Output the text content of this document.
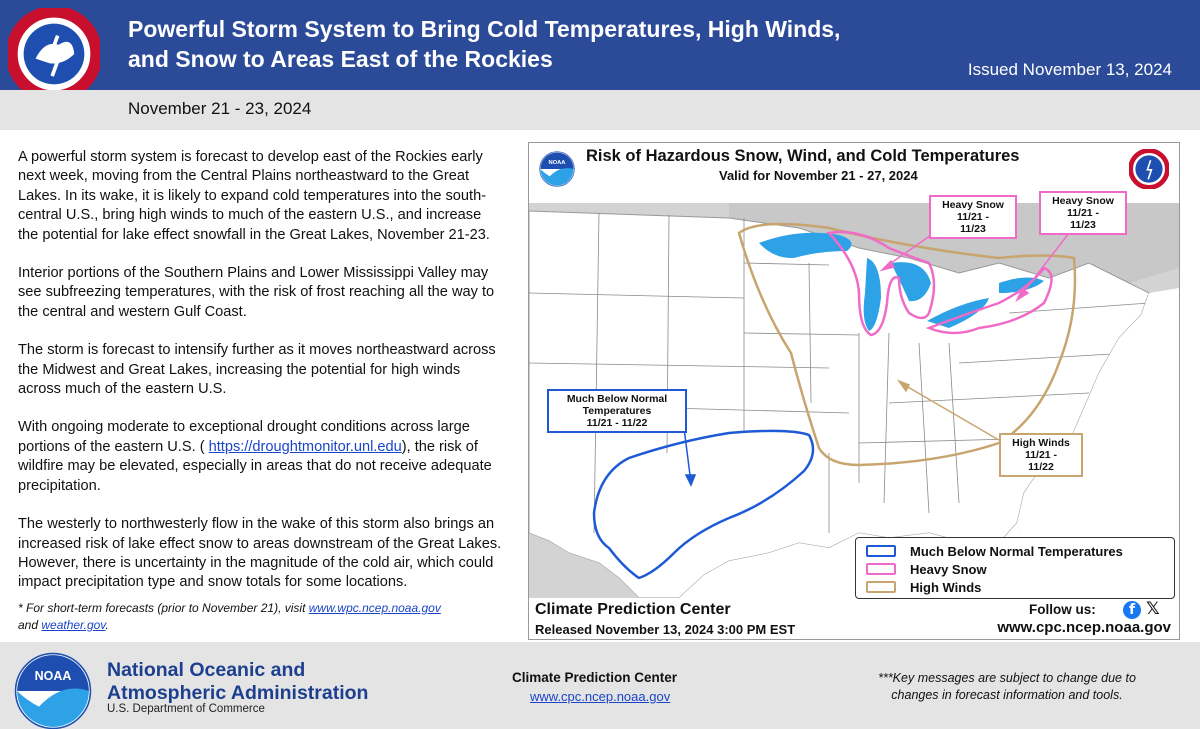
Powerful Storm System to Bring Cold Temperatures, High Winds,
and Snow to Areas East of the Rockies	Issued November 13, 2024
November 21 - 23, 2024

A powerful storm system is forecast to develop east of the Rockies early next week, moving from the Central Plains northeastward to the Great Lakes. In its wake, it is likely to expand cold temperatures into the south-central U.S., bring high winds to much of the eastern U.S., and increase the potential for lake effect snowfall in the Great Lakes, November 21-23.

Interior portions of the Southern Plains and Lower Mississippi Valley may see subfreezing temperatures, with the risk of frost reaching all the way to the central and western Gulf Coast.

The storm is forecast to intensify further as it moves northeastward across the Midwest and Great Lakes, increasing the potential for high winds across much of the eastern U.S.

With ongoing moderate to exceptional drought conditions across large portions of the eastern U.S. ( https://droughtmonitor.unl.edu), the risk of wildfire may be elevated, especially in areas that do not receive adequate precipitation.

The westerly to northwesterly flow in the wake of this storm also brings an increased risk of lake effect snow to areas downstream of the Great Lakes. However, there is uncertainty in the magnitude of the cold air, which could impact precipitation type and snow totals for some locations.

* For short-term forecasts (prior to November 21), visit www.wpc.ncep.noaa.gov
and weather.gov.
NOAA Risk of Hazardous Snow, Wind, and Cold Temperatures
Valid for November 21 - 27, 2024
Much Below Normal
Temperatures
11/21 - 11/22
Heavy Snow
11/21 -
11/23
Heavy Snow
11/21 -
11/23
High Winds
11/21 -
11/22
Much Below Normal Temperatures
Heavy Snow
High Winds
Climate Prediction Center
Released November 13, 2024 3:00 PM EST
Follow us:	f 𝕏
www.cpc.ncep.noaa.gov
NOAA National Oceanic and
Atmospheric Administration
U.S. Department of Commerce
Climate Prediction Center
www.cpc.ncep.noaa.gov
***Key messages are subject to change due to changes in forecast information and tools.
